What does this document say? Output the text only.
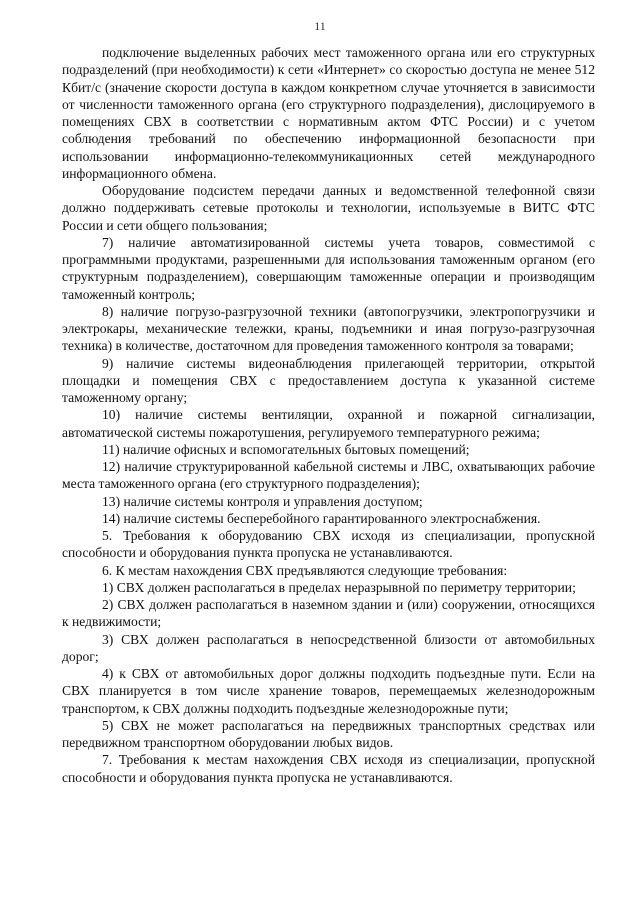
11

подключение выделенных рабочих мест таможенного органа или его структурных подразделений (при необходимости) к сети «Интернет» со скоростью доступа не менее 512 Кбит/с (значение скорости доступа в каждом конкретном случае уточняется в зависимости от численности таможенного органа (его структурного подразделения), дислоцируемого в помещениях СВХ в соответствии с нормативным актом ФТС России) и с учетом соблюдения требований по обеспечению информационной безопасности при использовании информационно-телекоммуникационных сетей международного информационного обмена.

Оборудование подсистем передачи данных и ведомственной телефонной связи должно поддерживать сетевые протоколы и технологии, используемые в ВИТС ФТС России и сети общего пользования;

7) наличие автоматизированной системы учета товаров, совместимой с программными продуктами, разрешенными для использования таможенным органом (его структурным подразделением), совершающим таможенные операции и производящим таможенный контроль;

8) наличие погрузо-разгрузочной техники (автопогрузчики, электропогрузчики и электрокары, механические тележки, краны, подъемники и иная погрузо-разгрузочная техника) в количестве, достаточном для проведения таможенного контроля за товарами;

9) наличие системы видеонаблюдения прилегающей территории, открытой площадки и помещения СВХ с предоставлением доступа к указанной системе таможенному органу;

10) наличие системы вентиляции, охранной и пожарной сигнализации, автоматической системы пожаротушения, регулируемого температурного режима;

11) наличие офисных и вспомогательных бытовых помещений;

12) наличие структурированной кабельной системы и ЛВС, охватывающих рабочие места таможенного органа (его структурного подразделения);

13) наличие системы контроля и управления доступом;

14) наличие системы бесперебойного гарантированного электроснабжения.

5. Требования к оборудованию СВХ исходя из специализации, пропускной способности и оборудования пункта пропуска не устанавливаются.

6. К местам нахождения СВХ предъявляются следующие требования:

1) СВХ должен располагаться в пределах неразрывной по периметру территории;

2) СВХ должен располагаться в наземном здании и (или) сооружении, относящихся к недвижимости;

3) СВХ должен располагаться в непосредственной близости от автомобильных дорог;

4) к СВХ от автомобильных дорог должны подходить подъездные пути. Если на СВХ планируется в том числе хранение товаров, перемещаемых железнодорожным транспортом, к СВХ должны подходить подъездные железнодорожные пути;

5) СВХ не может располагаться на передвижных транспортных средствах или передвижном транспортном оборудовании любых видов.

7. Требования к местам нахождения СВХ исходя из специализации, пропускной способности и оборудования пункта пропуска не устанавливаются.
